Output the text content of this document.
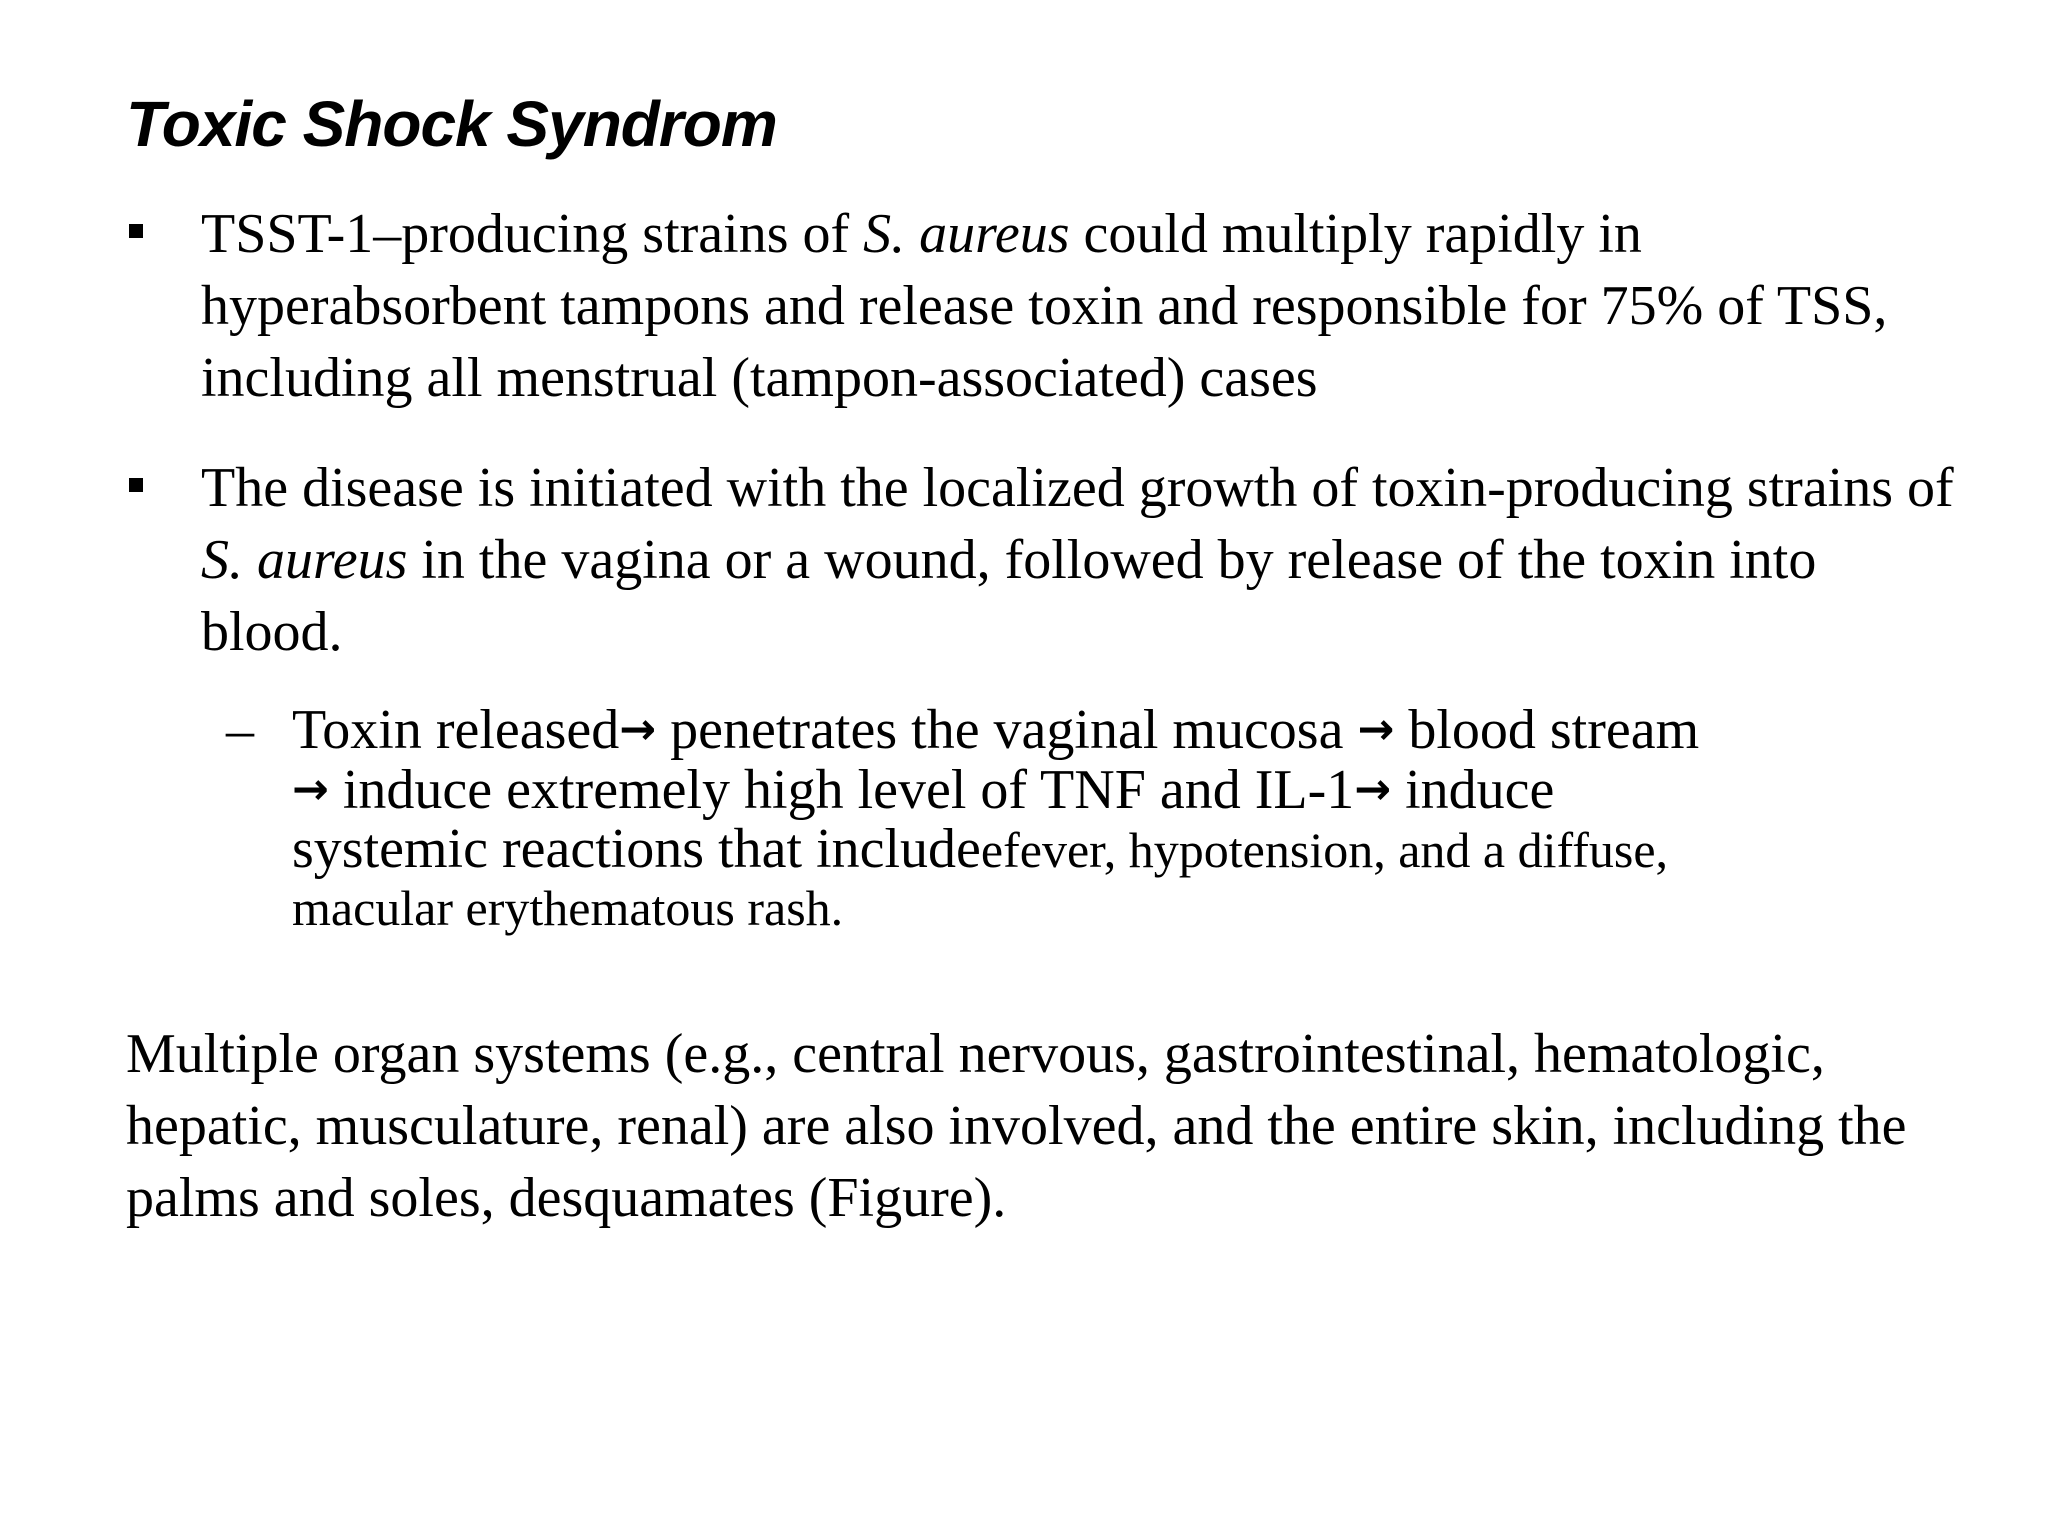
Toxic Shock Syndrom

TSST-1–producing strains of S. aureus could multiply rapidly in hyperabsorbent tampons and release toxin and responsible for 75% of TSS, including all menstrual (tampon-associated) cases

The disease is initiated with the localized growth of toxin-producing strains of S. aureus in the vagina or a wound, followed by release of the toxin into blood.

– Toxin released→ penetrates the vaginal mucosa → blood stream
→ induce extremely high level of TNF and IL-1→ induce
systemic reactions that includeefever, hypotension, and a diffuse,
macular erythematous rash.

Multiple organ systems (e.g., central nervous, gastrointestinal, hematologic, hepatic, musculature, renal) are also involved, and the entire skin, including the palms and soles, desquamates (Figure).
